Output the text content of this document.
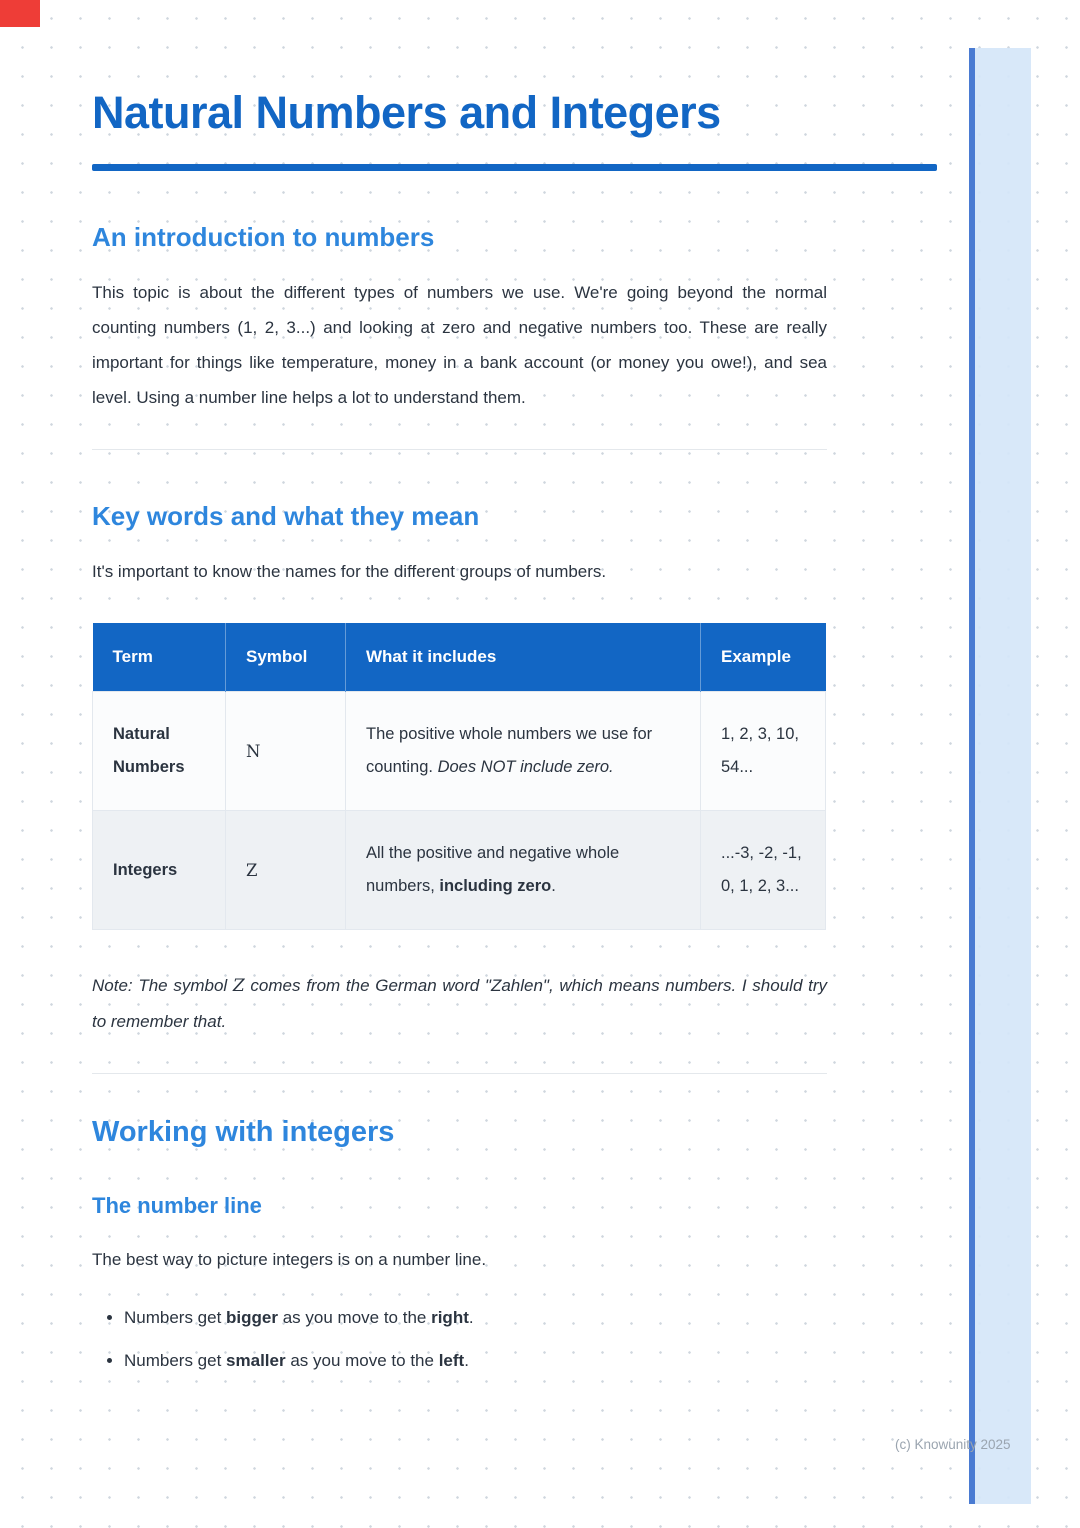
Natural Numbers and Integers
An introduction to numbers

This topic is about the different types of numbers we use. We're going beyond the normal counting numbers (1, 2, 3...) and looking at zero and negative numbers too. These are really important for things like temperature, money in a bank account (or money you owe!), and sea level. Using a number line helps a lot to understand them.

Key words and what they mean

It's important to know the names for the different groups of numbers.

Term	Symbol	What it includes	Example
Natural Numbers	N	The positive whole numbers we use for counting. Does NOT include zero.	1, 2, 3, 10, 54...
Integers	Z	All the positive and negative whole numbers, including zero.	...-3, -2, -1, 0, 1, 2, 3...

Note: The symbol Z comes from the German word "Zahlen", which means numbers. I should try to remember that.

Working with integers
The number line

The best way to picture integers is on a number line.

• Numbers get bigger as you move to the right.
• Numbers get smaller as you move to the left.
(c) Knowunity 2025
